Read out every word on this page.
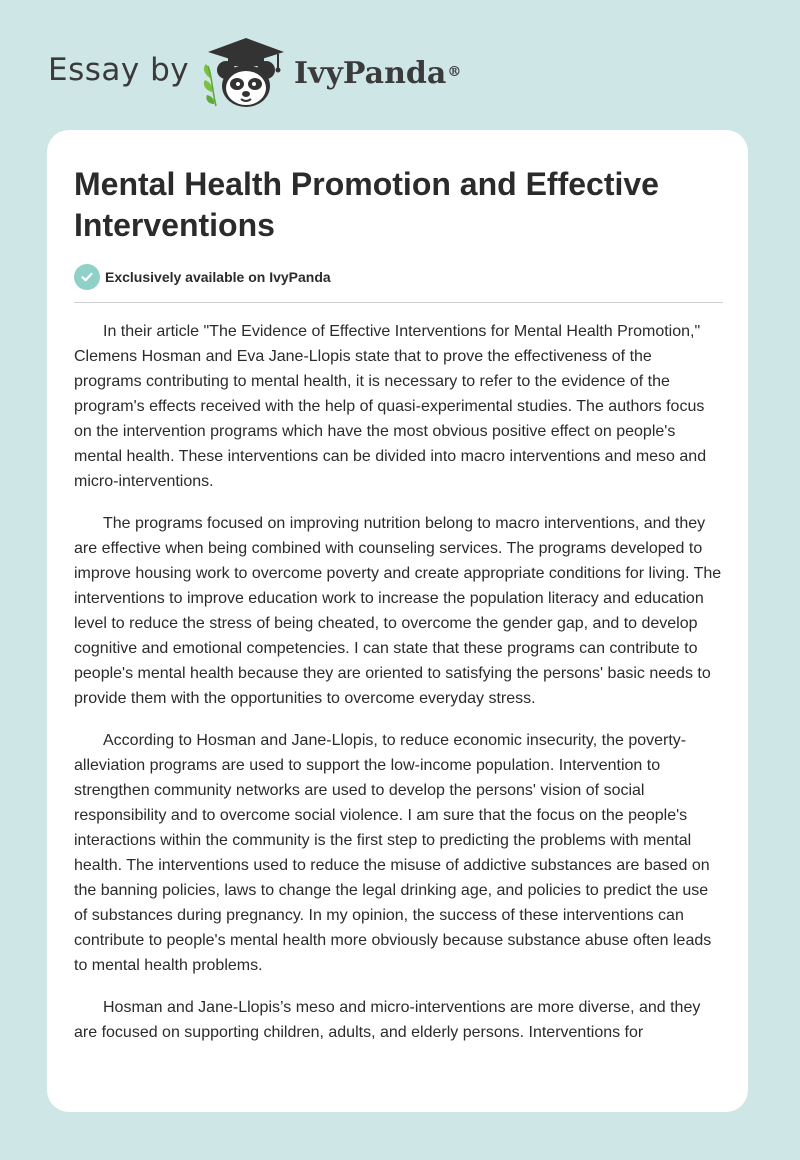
Essay by	IvyPanda®
Mental Health Promotion and Effective Interventions
Exclusively available on IvyPanda

In their article "The Evidence of Effective Interventions for Mental Health Promotion," Clemens Hosman and Eva Jane-Llopis state that to prove the effectiveness of the programs contributing to mental health, it is necessary to refer to the evidence of the program's effects received with the help of quasi-experimental studies. The authors focus on the intervention programs which have the most obvious positive effect on people's mental health. These interventions can be divided into macro interventions and meso and micro-interventions.

The programs focused on improving nutrition belong to macro interventions, and they are effective when being combined with counseling services. The programs developed to improve housing work to overcome poverty and create appropriate conditions for living. The interventions to improve education work to increase the population literacy and education level to reduce the stress of being cheated, to overcome the gender gap, and to develop cognitive and emotional competencies. I can state that these programs can contribute to people's mental health because they are oriented to satisfying the persons' basic needs to provide them with the opportunities to overcome everyday stress.

According to Hosman and Jane-Llopis, to reduce economic insecurity, the poverty-alleviation programs are used to support the low-income population. Intervention to strengthen community networks are used to develop the persons' vision of social responsibility and to overcome social violence. I am sure that the focus on the people's interactions within the community is the first step to predicting the problems with mental health. The interventions used to reduce the misuse of addictive substances are based on the banning policies, laws to change the legal drinking age, and policies to predict the use of substances during pregnancy. In my opinion, the success of these interventions can contribute to people's mental health more obviously because substance abuse often leads to mental health problems.

Hosman and Jane-Llopis’s meso and micro-interventions are more diverse, and they are focused on supporting children, adults, and elderly persons. Interventions for
